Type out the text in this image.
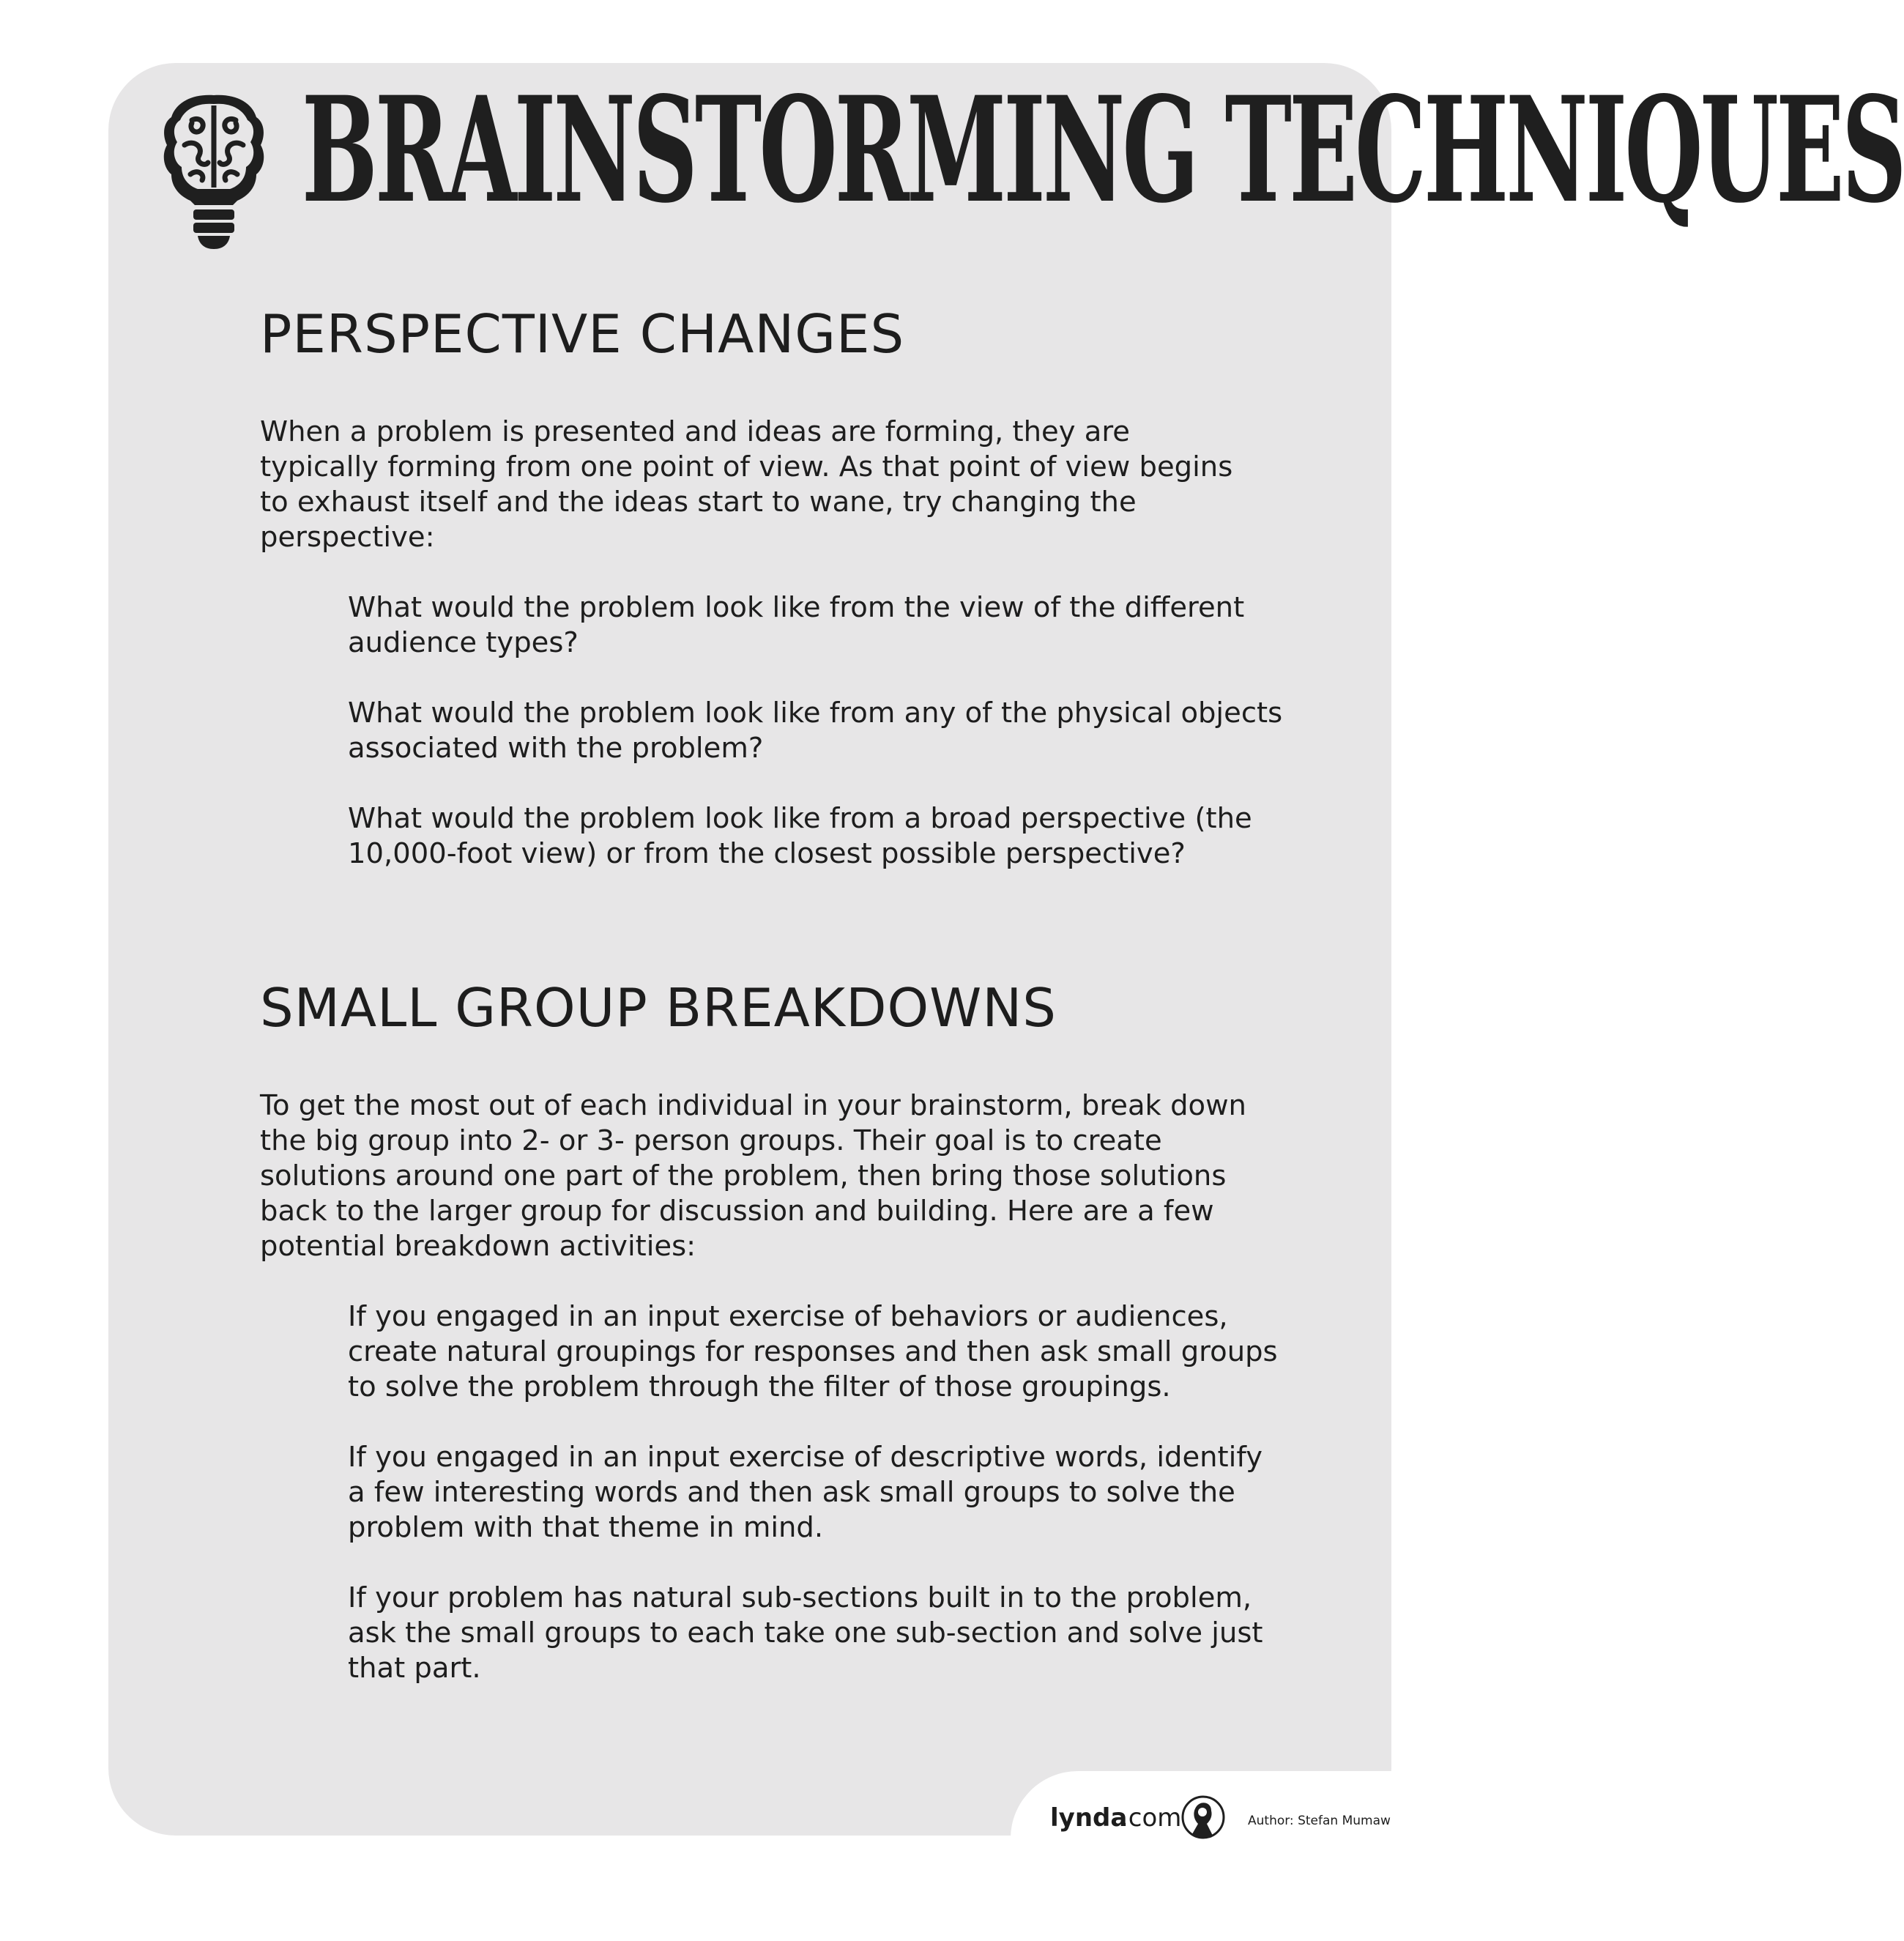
BRAINSTORMING TECHNIQUES
PERSPECTIVE CHANGES

When a problem is presented and ideas are forming, they are typically forming from one point of view. As that point of view begins to exhaust itself and the ideas start to wane, try changing the perspective:

What would the problem look like from the view of the different audience types?

What would the problem look like from any of the physical objects associated with the problem?

What would the problem look like from a broad perspective (the 10,000-foot view) or from the closest possible perspective?

SMALL GROUP BREAKDOWNS

To get the most out of each individual in your brainstorm, break down the big group into 2- or 3- person groups. Their goal is to create solutions around one part of the problem, then bring those solutions back to the larger group for discussion and building. Here are a few potential breakdown activities:

If you engaged in an input exercise of behaviors or audiences, create natural groupings for responses and then ask small groups to solve the problem through the filter of those groupings.

If you engaged in an input exercise of descriptive words, identify a few interesting words and then ask small groups to solve the problem with that theme in mind.

If your problem has natural sub-sections built in to the problem, ask the small groups to each take one sub-section and solve just that part.

lynda
.com	Author: Stefan Mumaw
